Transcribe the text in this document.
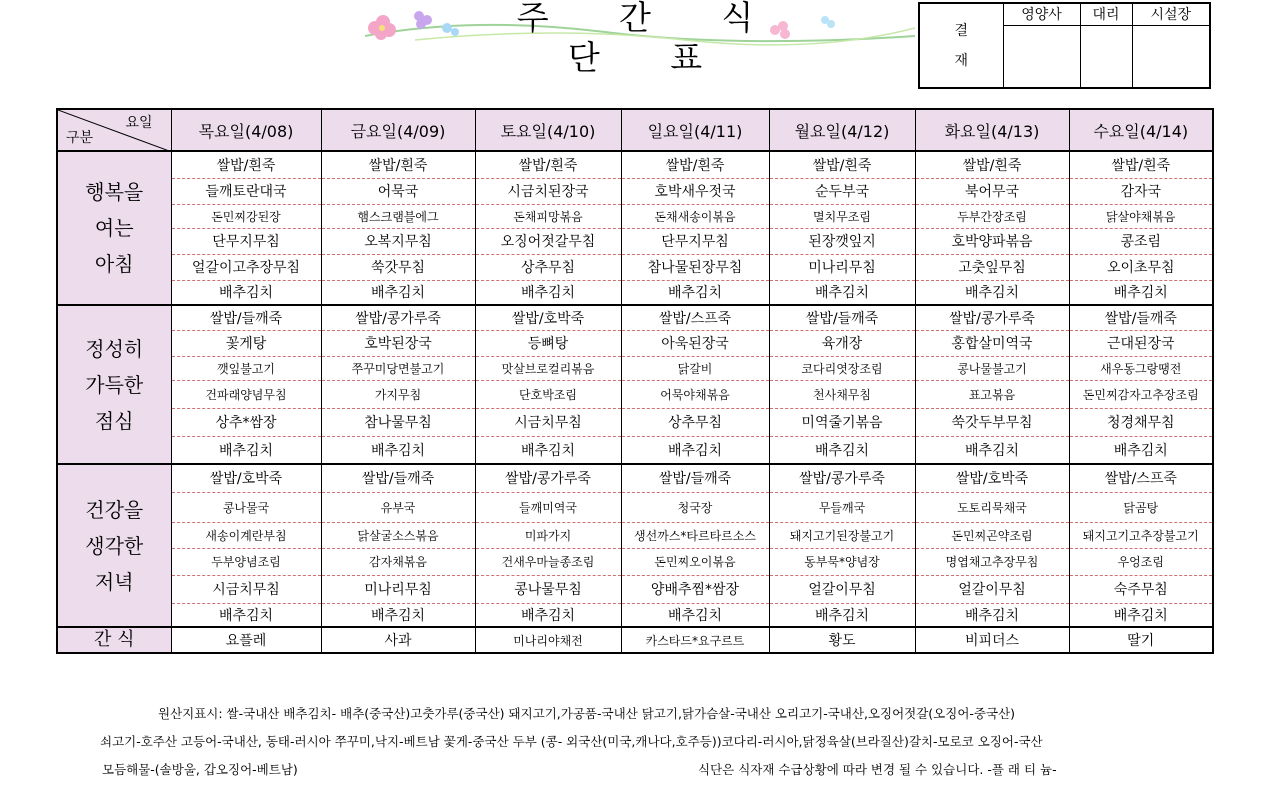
주 간 식 단 표
결
재	영양사	대리	시설장

요일
구분	목요일(4/08)	금요일(4/09)	토요일(4/10)	일요일(4/11)	월요일(4/12)	화요일(4/13)	수요일(4/14)

행복을
여는
아침	쌀밥/흰죽	쌀밥/흰죽	쌀밥/흰죽	쌀밥/흰죽	쌀밥/흰죽	쌀밥/흰죽	쌀밥/흰죽
	들깨토란대국	어묵국	시금치된장국	호박새우젓국	순두부국	북어무국	감자국
	돈민찌강된장	햄스크램블에그	돈채피망볶음	돈채새송이볶음	멸치무조림	두부간장조림	닭살야채볶음
	단무지무침	오복지무침	오징어젓갈무침	단무지무침	된장깻잎지	호박양파볶음	콩조림
	얼갈이고추장무침	쑥갓무침	상추무침	참나물된장무침	미나리무침	고춧잎무침	오이초무침
	배추김치	배추김치	배추김치	배추김치	배추김치	배추김치	배추김치

정성히
가득한
점심	쌀밥/들깨죽	쌀밥/콩가루죽	쌀밥/호박죽	쌀밥/스프죽	쌀밥/들깨죽	쌀밥/콩가루죽	쌀밥/들깨죽
	꽃게탕	호박된장국	등뼈탕	아욱된장국	육개장	홍합살미역국	근대된장국
	깻잎불고기	쭈꾸미당면불고기	맛살브로컬리볶음	닭갈비	코다리엿장조림	콩나물불고기	새우동그랑땡전
	건파래양념무침	가지무침	단호박조림	어묵야채볶음	천사채무침	표고볶음	돈민찌감자고추장조림
	상추*쌈장	참나물무침	시금치무침	상추무침	미역줄기볶음	쑥갓두부무침	청경채무침
	배추김치	배추김치	배추김치	배추김치	배추김치	배추김치	배추김치

건강을
생각한
저녁	쌀밥/호박죽	쌀밥/들깨죽	쌀밥/콩가루죽	쌀밥/들깨죽	쌀밥/콩가루죽	쌀밥/호박죽	쌀밥/스프죽
	콩나물국	유부국	들깨미역국	청국장	무들깨국	도토리묵채국	닭곰탕
	새송이계란부침	닭살굴소스볶음	미파가지	생선까스*타르타르소스	돼지고기된장불고기	돈민찌곤약조림	돼지고기고추장불고기
	두부양념조림	감자채볶음	건새우마늘종조림	돈민찌오이볶음	동부묵*양념장	명엽채고추장무침	우엉조림
	시금치무침	미나리무침	콩나물무침	양배추찜*쌈장	얼갈이무침	얼갈이무침	숙주무침
	배추김치	배추김치	배추김치	배추김치	배추김치	배추김치	배추김치
간 식	요플레	사과	미나리야채전	카스타드*요구르트	황도	비피더스	딸기
원산지표시: 쌀-국내산 배추김치- 배추(중국산)고춧가루(중국산) 돼지고기,가공품-국내산 닭고기,닭가슴살-국내산 오리고기-국내산,오징어젓갈(오징어-중국산)
쇠고기-호주산 고등어-국내산, 동태-러시아 쭈꾸미,낙지-베트남 꽃게-중국산 두부 (콩- 외국산(미국,캐나다,호주등))코다리-러시아,닭정육살(브라질산)갈치-모로코 오징어-국산
모듬해물-(솔방울, 갑오징어-베트남)	식단은 식자재 수급상황에 따라 변경 될 수 있습니다. -플 래 티 늄-
